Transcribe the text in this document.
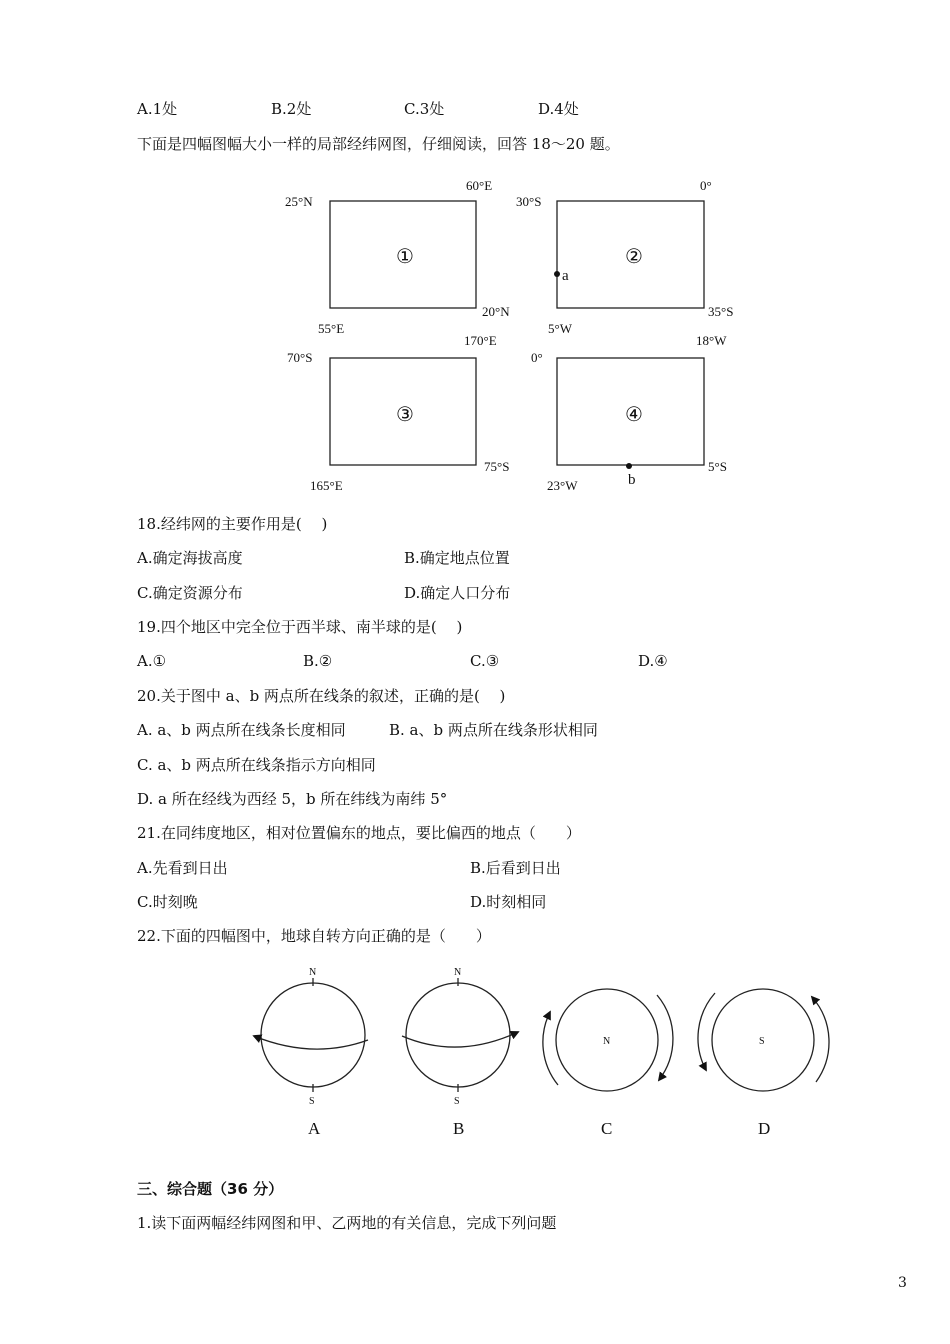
A.1处	B.2处	C.3处	D.4处
下面是四幅图幅大小一样的局部经纬网图，仔细阅读，回答 18～20 题。
60°E
25°N
20°N
55°E
0°
30°S
35°S
5°W
170°E
70°S
75°S
165°E
18°W
0°
5°S
23°W
①	②
③	④
a
b
18.经纬网的主要作用是(　 )
A.确定海拔高度	B.确定地点位置
C.确定资源分布	D.确定人口分布
19.四个地区中完全位于西半球、南半球的是(　 )
A.①	B.②	C.③	D.④
20.关于图中 a、b 两点所在线条的叙述，正确的是(　 )
A. a、b 两点所在线条长度相同	B. a、b 两点所在线条形状相同
C. a、b 两点所在线条指示方向相同
D. a 所在经线为西经 5，b 所在纬线为南纬 5°
21.在同纬度地区，相对位置偏东的地点，要比偏西的地点（　　）
A.先看到日出	B.后看到日出
C.时刻晚	D.时刻相同
22.下面的四幅图中，地球自转方向正确的是（　　）
N
S
A
N
S
B
N
C
S
D
三、综合题（36 分）
1.读下面两幅经纬网图和甲、乙两地的有关信息，完成下列问题
3
